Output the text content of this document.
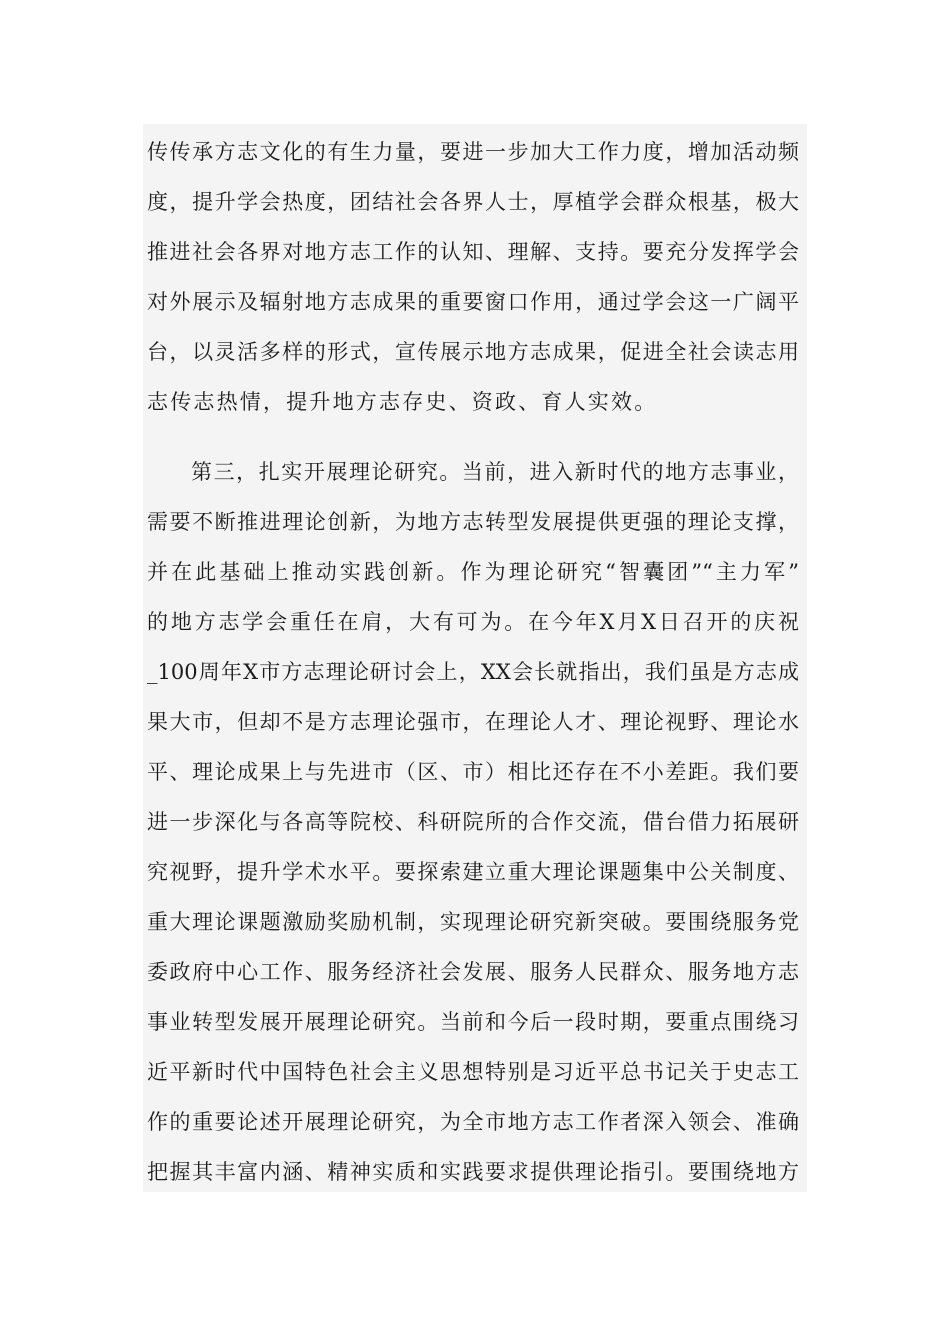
传传承方志文化的有生力量，要进一步加大工作力度，增加活动频
度，提升学会热度，团结社会各界人士，厚植学会群众根基，极大
推进社会各界对地方志工作的认知、理解、支持。要充分发挥学会
对外展示及辐射地方志成果的重要窗口作用，通过学会这一广阔平
台，以灵活多样的形式，宣传展示地方志成果，促进全社会读志用
志传志热情，提升地方志存史、资政、育人实效。
第三，扎实开展理论研究。当前，进入新时代的地方志事业，
需要不断推进理论创新，为地方志转型发展提供更强的理论支撑，
并在此基础上推动实践创新。作为理论研究“智囊团”“主力军”
的地方志学会重任在肩，大有可为。在今年X月X日召开的庆祝
_100周年X市方志理论研讨会上，XX会长就指出，我们虽是方志成
果大市，但却不是方志理论强市，在理论人才、理论视野、理论水
平、理论成果上与先进市（区、市）相比还存在不小差距。我们要
进一步深化与各高等院校、科研院所的合作交流，借台借力拓展研
究视野，提升学术水平。要探索建立重大理论课题集中公关制度、
重大理论课题激励奖励机制，实现理论研究新突破。要围绕服务党
委政府中心工作、服务经济社会发展、服务人民群众、服务地方志
事业转型发展开展理论研究。当前和今后一段时期，要重点围绕习
近平新时代中国特色社会主义思想特别是习近平总书记关于史志工
作的重要论述开展理论研究，为全市地方志工作者深入领会、准确
把握其丰富内涵、精神实质和实践要求提供理论指引。要围绕地方
